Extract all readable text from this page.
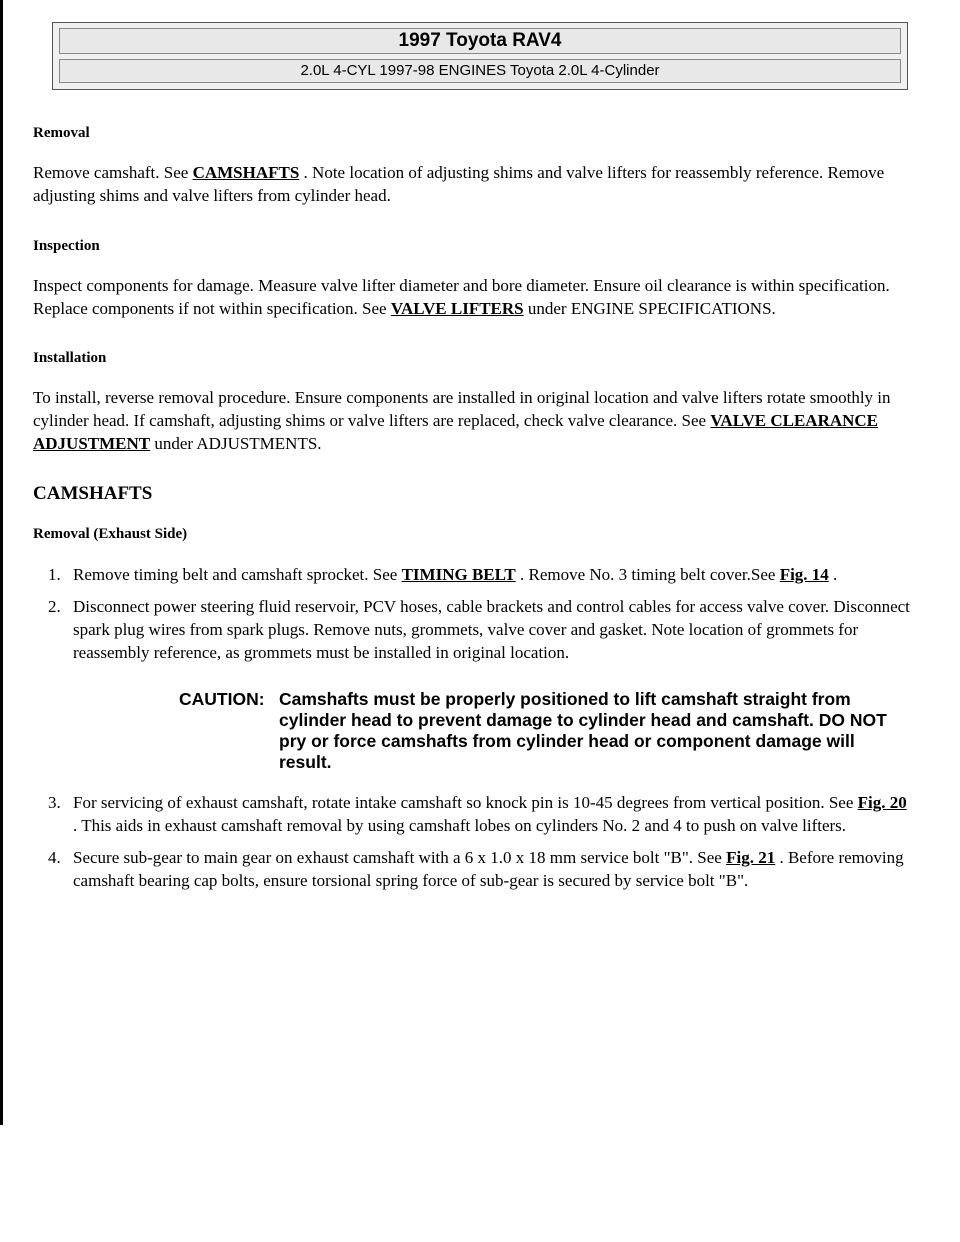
1997 Toyota RAV4
2.0L 4-CYL 1997-98 ENGINES Toyota 2.0L 4-Cylinder
Removal

Remove camshaft. See CAMSHAFTS . Note location of adjusting shims and valve lifters for reassembly reference. Remove adjusting shims and valve lifters from cylinder head.

Inspection

Inspect components for damage. Measure valve lifter diameter and bore diameter. Ensure oil clearance is within specification. Replace components if not within specification. See VALVE LIFTERS under ENGINE SPECIFICATIONS.

Installation

To install, reverse removal procedure. Ensure components are installed in original location and valve lifters rotate smoothly in cylinder head. If camshaft, adjusting shims or valve lifters are replaced, check valve clearance. See VALVE CLEARANCE ADJUSTMENT under ADJUSTMENTS.

CAMSHAFTS
Removal (Exhaust Side)
1. Remove timing belt and camshaft sprocket. See TIMING BELT . Remove No. 3 timing belt cover.See Fig. 14 .
2. Disconnect power steering fluid reservoir, PCV hoses, cable brackets and control cables for access valve cover. Disconnect spark plug wires from spark plugs. Remove nuts, grommets, valve cover and gasket. Note location of grommets for reassembly reference, as grommets must be installed in original location.
CAUTION: Camshafts must be properly positioned to lift camshaft straight from cylinder head to prevent damage to cylinder head and camshaft. DO NOT pry or force camshafts from cylinder head or component damage will result.
3. For servicing of exhaust camshaft, rotate intake camshaft so knock pin is 10-45 degrees from vertical position. See Fig. 20 . This aids in exhaust camshaft removal by using camshaft lobes on cylinders No. 2 and 4 to push on valve lifters.
4. Secure sub-gear to main gear on exhaust camshaft with a 6 x 1.0 x 18 mm service bolt "B". See Fig. 21 . Before removing camshaft bearing cap bolts, ensure torsional spring force of sub-gear is secured by service bolt "B".
